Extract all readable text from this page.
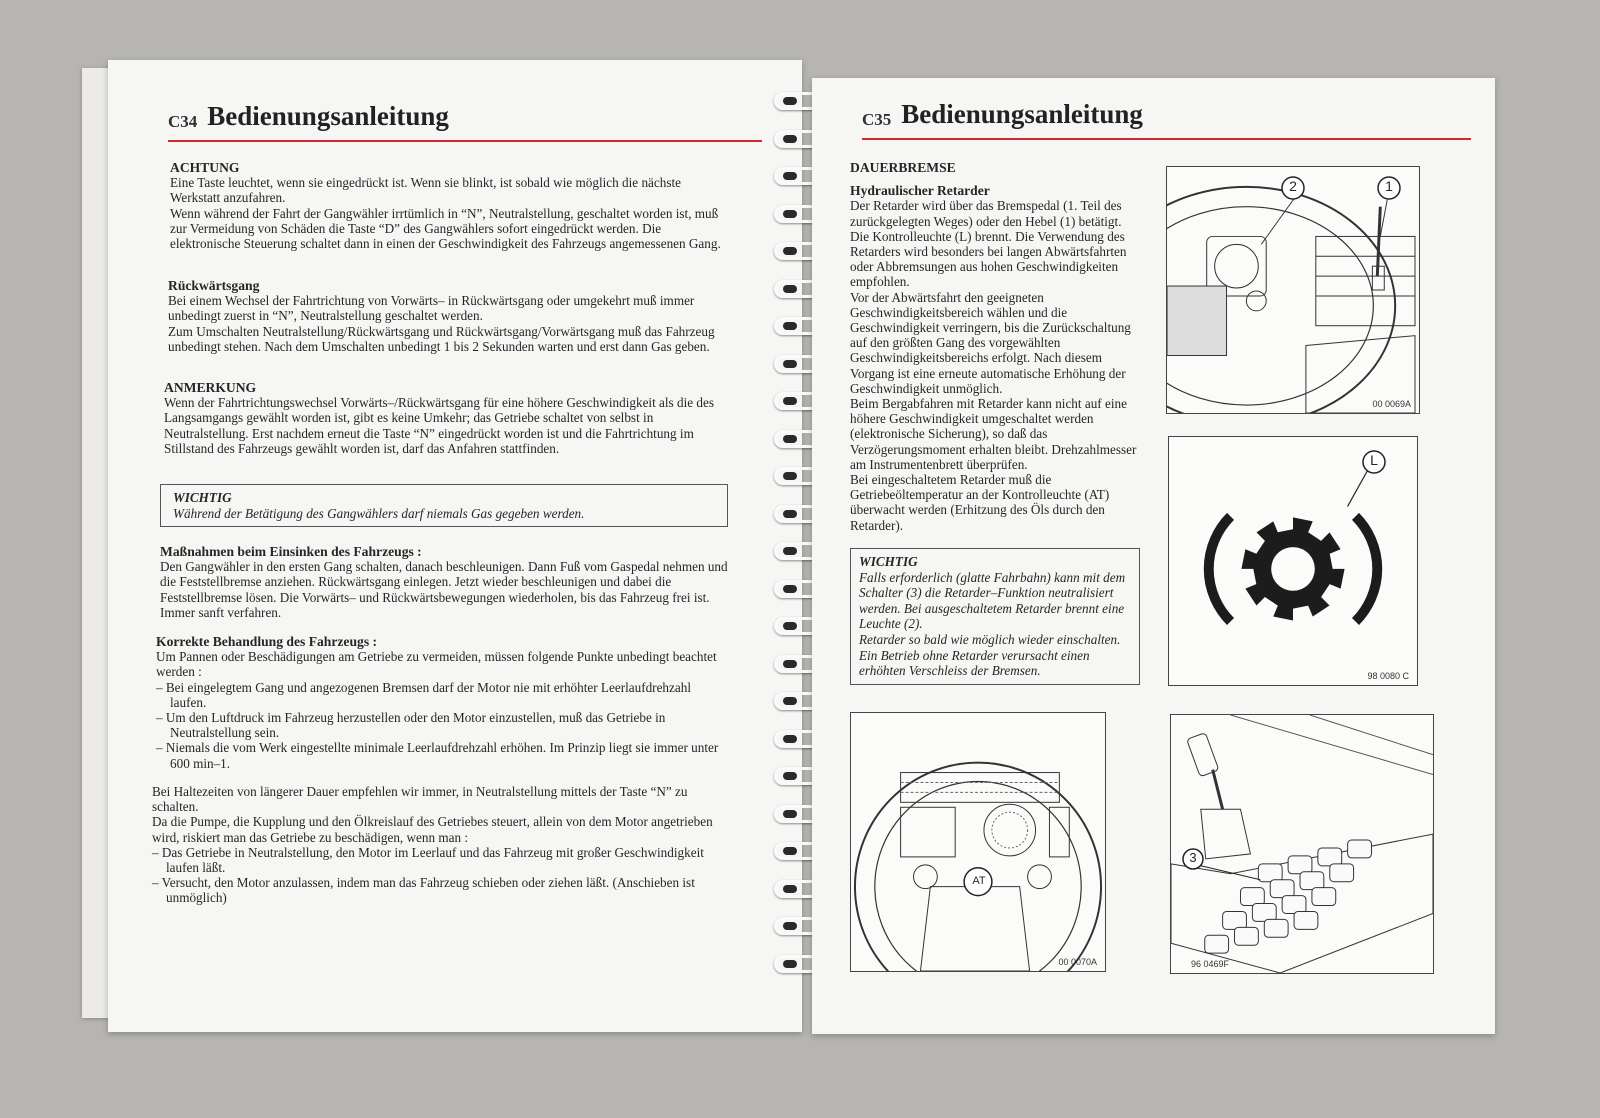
C34 Bedienungsanleitung
ACHTUNG

Eine Taste leuchtet, wenn sie eingedrückt ist. Wenn sie blinkt, ist sobald wie möglich die nächste Werkstatt anzufahren.

Wenn während der Fahrt der Gangwähler irrtümlich in “N”, Neutralstellung, geschaltet worden ist, muß zur Vermeidung von Schäden die Taste “D” des Gangwählers sofort eingedrückt werden. Die elektronische Steuerung schaltet dann in einen der Geschwindigkeit des Fahrzeugs angemessenen Gang.

Rückwärtsgang

Bei einem Wechsel der Fahrtrichtung von Vorwärts– in Rückwärtsgang oder umgekehrt muß immer unbedingt zuerst in “N”, Neutralstellung geschaltet werden.

Zum Umschalten Neutralstellung/Rückwärtsgang und Rückwärtsgang/Vorwärtsgang muß das Fahrzeug unbedingt stehen. Nach dem Umschalten unbedingt 1 bis 2 Sekunden warten und erst dann Gas geben.

ANMERKUNG

Wenn der Fahrtrichtungswechsel Vorwärts–/Rückwärtsgang für eine höhere Geschwindigkeit als die des Langsamgangs gewählt worden ist, gibt es keine Umkehr; das Getriebe schaltet von selbst in Neutralstellung. Erst nachdem erneut die Taste “N” eingedrückt worden ist und die Fahrtrichtung im Stillstand des Fahrzeugs gewählt worden ist, darf das Anfahren stattfinden.

WICHTIG

Während der Betätigung des Gangwählers darf niemals Gas gegeben werden.

Maßnahmen beim Einsinken des Fahrzeugs :

Den Gangwähler in den ersten Gang schalten, danach beschleunigen. Dann Fuß vom Gaspedal nehmen und die Feststellbremse anziehen. Rückwärtsgang einlegen. Jetzt wieder beschleunigen und dabei die Feststellbremse lösen. Die Vorwärts– und Rückwärtsbewegungen wiederholen, bis das Fahrzeug frei ist. Immer sanft verfahren.

Korrekte Behandlung des Fahrzeugs :

Um Pannen oder Beschädigungen am Getriebe zu vermeiden, müssen folgende Punkte unbedingt beachtet werden :

– Bei eingelegtem Gang und angezogenen Bremsen darf der Motor nie mit erhöhter Leerlaufdrehzahl laufen.
– Um den Luftdruck im Fahrzeug herzustellen oder den Motor einzustellen, muß das Getriebe in Neutralstellung sein.
– Niemals die vom Werk eingestellte minimale Leerlaufdrehzahl erhöhen. Im Prinzip liegt sie immer unter 600 min–1.

Bei Haltezeiten von längerer Dauer empfehlen wir immer, in Neutralstellung mittels der Taste “N” zu schalten.

Da die Pumpe, die Kupplung und den Ölkreislauf des Getriebes steuert, allein von dem Motor angetrieben wird, riskiert man das Getriebe zu beschädigen, wenn man :

– Das Getriebe in Neutralstellung, den Motor im Leerlauf und das Fahrzeug mit großer Geschwindigkeit laufen läßt.
– Versucht, den Motor anzulassen, indem man das Fahrzeug schieben oder ziehen läßt. (Anschieben ist unmöglich)
C35 Bedienungsanleitung
DAUERBREMSE
Hydraulischer Retarder

Der Retarder wird über das Bremspedal (1. Teil des zurückgelegten Weges) oder den Hebel (1) betätigt. Die Kontrolleuchte (L) brennt. Die Verwendung des Retarders wird besonders bei langen Abwärtsfahrten oder Abbremsungen aus hohen Geschwindigkeiten empfohlen.

Vor der Abwärtsfahrt den geeigneten Geschwindigkeitsbereich wählen und die Geschwindigkeit verringern, bis die Zurückschaltung auf den größten Gang des vorgewählten Geschwindigkeitsbereichs erfolgt. Nach diesem Vorgang ist eine erneute automatische Erhöhung der Geschwindigkeit unmöglich.

Beim Bergabfahren mit Retarder kann nicht auf eine höhere Geschwindigkeit umgeschaltet werden (elektronische Sicherung), so daß das Verzögerungsmoment erhalten bleibt. Drehzahlmesser am Instrumentenbrett überprüfen.

Bei eingeschaltetem Retarder muß die Getriebeöltemperatur an der Kontrolleuchte (AT) überwacht werden (Erhitzung des Öls durch den Retarder).

WICHTIG

Falls erforderlich (glatte Fahrbahn) kann mit dem Schalter (3) die Retarder–Funktion neutralisiert werden. Bei ausgeschaltetem Retarder brennt eine Leuchte (2).

Retarder so bald wie möglich wieder einschalten.

Ein Betrieb ohne Retarder verursacht einen erhöhten Verschleiss der Bremsen.

2	1
00 0069A
L
98 0080 C
AT
00 0070A
3
96 0469F
